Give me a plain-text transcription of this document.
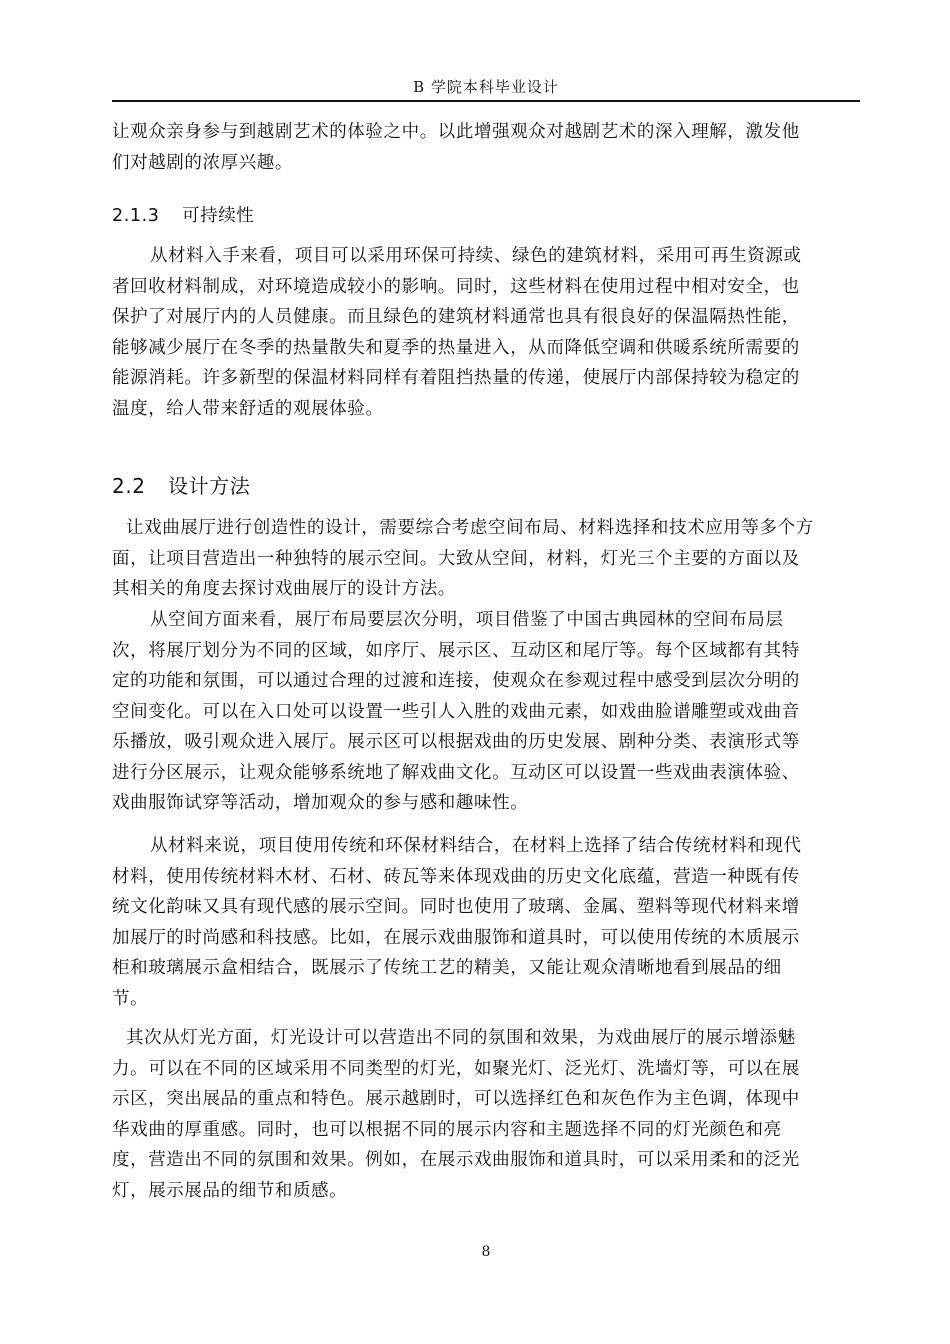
B 学院本科毕业设计
让观众亲身参与到越剧艺术的体验之中。以此增强观众对越剧艺术的深入理解，激发他
们对越剧的浓厚兴趣。
2.1.3 可持续性
从材料入手来看，项目可以采用环保可持续、绿色的建筑材料，采用可再生资源或
者回收材料制成，对环境造成较小的影响。同时，这些材料在使用过程中相对安全，也
保护了对展厅内的人员健康。而且绿色的建筑材料通常也具有很良好的保温隔热性能，
能够减少展厅在冬季的热量散失和夏季的热量进入，从而降低空调和供暖系统所需要的
能源消耗。许多新型的保温材料同样有着阻挡热量的传递，使展厅内部保持较为稳定的
温度，给人带来舒适的观展体验。
2.2 设计方法
让戏曲展厅进行创造性的设计，需要综合考虑空间布局、材料选择和技术应用等多个方
面，让项目营造出一种独特的展示空间。大致从空间，材料，灯光三个主要的方面以及
其相关的角度去探讨戏曲展厅的设计方法。
从空间方面来看，展厅布局要层次分明，项目借鉴了中国古典园林的空间布局层
次，将展厅划分为不同的区域，如序厅、展示区、互动区和尾厅等。每个区域都有其特
定的功能和氛围，可以通过合理的过渡和连接，使观众在参观过程中感受到层次分明的
空间变化。可以在入口处可以设置一些引人入胜的戏曲元素，如戏曲脸谱雕塑或戏曲音
乐播放，吸引观众进入展厅。展示区可以根据戏曲的历史发展、剧种分类、表演形式等
进行分区展示，让观众能够系统地了解戏曲文化。互动区可以设置一些戏曲表演体验、
戏曲服饰试穿等活动，增加观众的参与感和趣味性。
从材料来说，项目使用传统和环保材料结合，在材料上选择了结合传统材料和现代
材料，使用传统材料木材、石材、砖瓦等来体现戏曲的历史文化底蕴，营造一种既有传
统文化韵味又具有现代感的展示空间。同时也使用了玻璃、金属、塑料等现代材料来增
加展厅的时尚感和科技感。比如，在展示戏曲服饰和道具时，可以使用传统的木质展示
柜和玻璃展示盒相结合，既展示了传统工艺的精美，又能让观众清晰地看到展品的细
节。
其次从灯光方面，灯光设计可以营造出不同的氛围和效果，为戏曲展厅的展示增添魅
力。可以在不同的区域采用不同类型的灯光，如聚光灯、泛光灯、洗墙灯等，可以在展
示区，突出展品的重点和特色。展示越剧时，可以选择红色和灰色作为主色调，体现中
华戏曲的厚重感。同时，也可以根据不同的展示内容和主题选择不同的灯光颜色和亮
度，营造出不同的氛围和效果。例如，在展示戏曲服饰和道具时，可以采用柔和的泛光
灯，展示展品的细节和质感。
8
